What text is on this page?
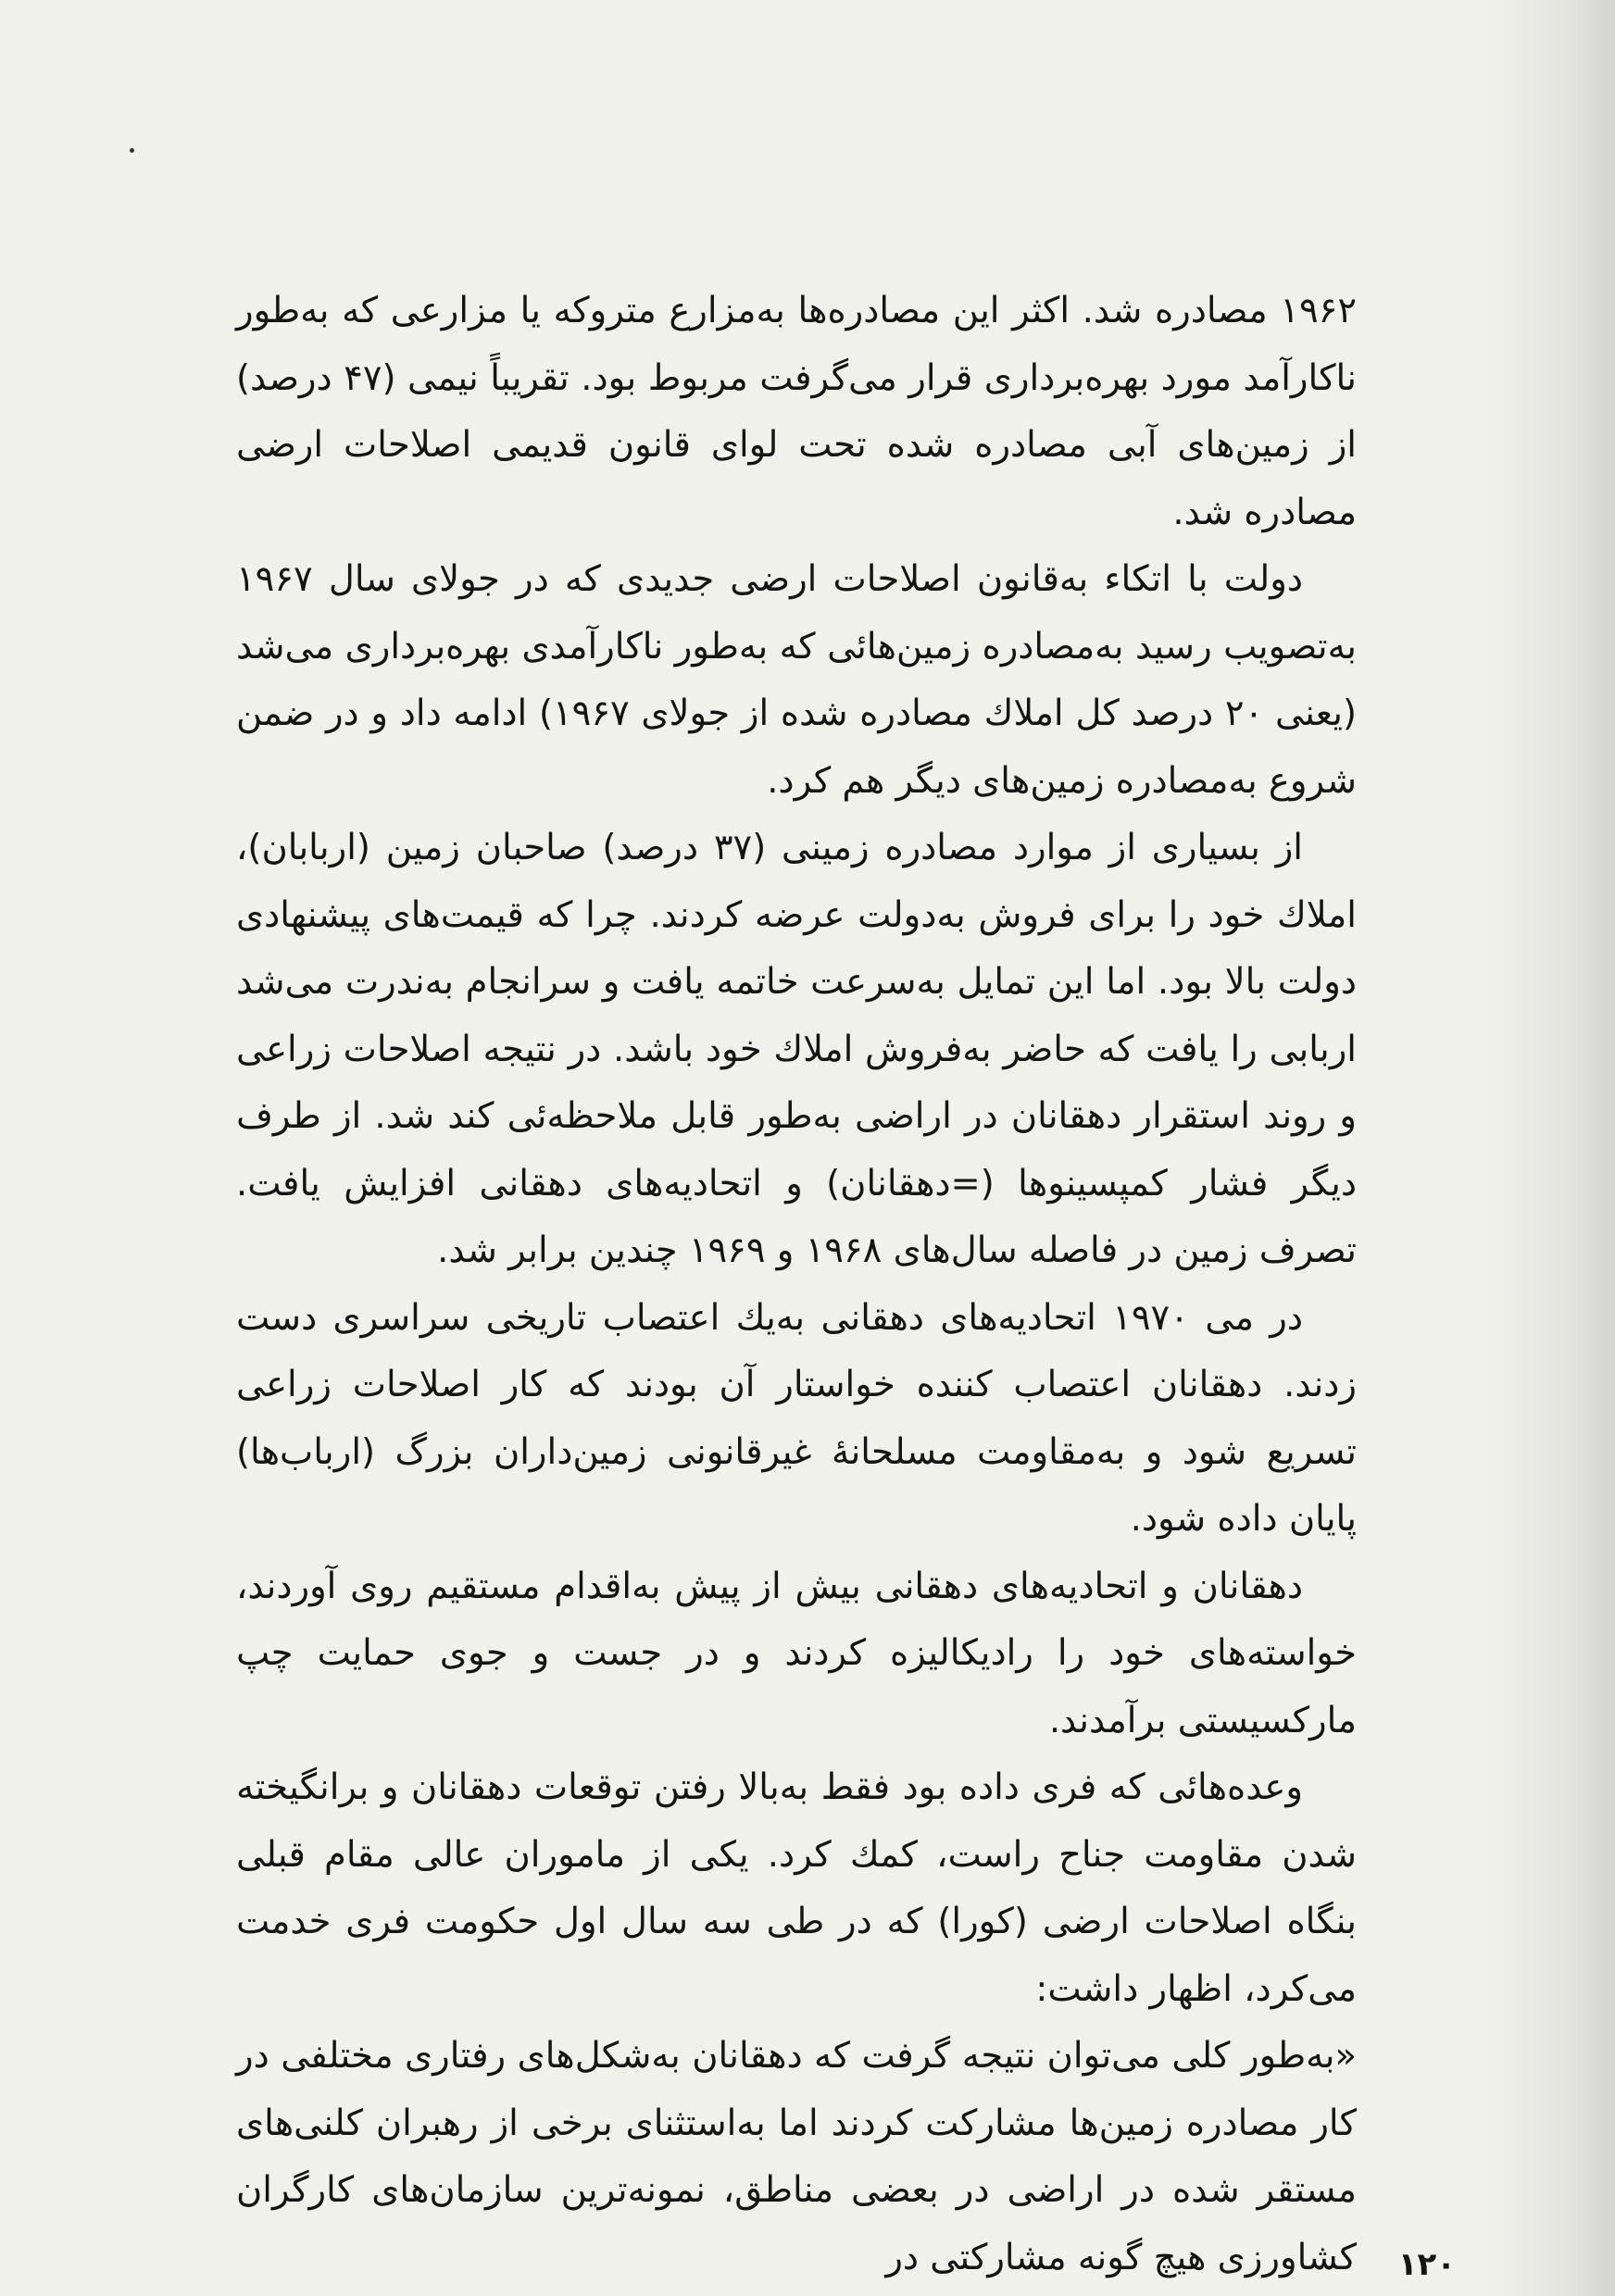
۱۹۶۲ مصادره شد. اکثر این مصادره‌ها به‌مزارع متروکه یا مزارعی که به‌طور ناکارآمد مورد بهره‌برداری قرار می‌گرفت مربوط بود. تقریباً نیمی (۴۷ درصد) از زمین‌های آبی مصادره شده تحت لوای قانون قدیمی اصلاحات ارضی مصادره شد.

دولت با اتکاء به‌قانون اصلاحات ارضی جدیدی که در جولای سال ۱۹۶۷ به‌تصویب رسید به‌مصادره زمین‌هائی که به‌طور ناکارآمدی بهره‌برداری می‌شد (یعنی ۲۰ درصد کل املاك مصادره شده از جولای ۱۹۶۷) ادامه داد و در ضمن شروع به‌مصادره زمین‌های دیگر هم کرد.

از بسیاری از موارد مصادره زمینی (۳۷ درصد) صاحبان زمین (اربابان)، املاك خود را برای فروش به‌دولت عرضه کردند. چرا که قیمت‌های پیشنهادی دولت بالا بود. اما این تمایل به‌سرعت خاتمه یافت و سرانجام به‌ندرت می‌شد اربابی را یافت که حاضر به‌فروش املاك خود باشد. در نتیجه اصلاحات زراعی و روند استقرار دهقانان در اراضی به‌طور قابل ملاحظه‌ئی کند شد. از طرف دیگر فشار کمپسینوها (=دهقانان) و اتحادیه‌های دهقانی افزایش یافت. تصرف زمین در فاصله سال‌های ۱۹۶۸ و ۱۹۶۹ چندین برابر شد.

در می ۱۹۷۰ اتحادیه‌های دهقانی به‌یك اعتصاب تاریخی سراسری دست زدند. دهقانان اعتصاب کننده خواستار آن بودند که کار اصلاحات زراعی تسریع شود و به‌مقاومت مسلحانهٔ غیرقانونی زمین‌داران بزرگ (ارباب‌ها) پایان داده شود.

دهقانان و اتحادیه‌های دهقانی بیش از پیش به‌اقدام مستقیم روی آوردند، خواسته‌های خود را رادیکالیزه کردند و در جست و جوی حمایت چپ مارکسیستی برآمدند.

وعده‌هائی که فری داده بود فقط به‌بالا رفتن توقعات دهقانان و برانگیخته شدن مقاومت جناح راست، کمك کرد. یکی از ماموران عالی مقام قبلی بنگاه اصلاحات ارضی (کورا) که در طی سه سال اول حکومت فری خدمت می‌کرد، اظهار داشت:

«به‌طور کلی می‌توان نتیجه گرفت که دهقانان به‌شکل‌های رفتاری مختلفی در کار مصادره زمین‌ها مشارکت کردند اما به‌استثنای برخی از رهبران کلنی‌های مستقر شده در اراضی در بعضی مناطق، نمونه‌ترین سازمان‌های کارگران کشاورزی هیچ گونه مشارکتی در ۱۲۰
